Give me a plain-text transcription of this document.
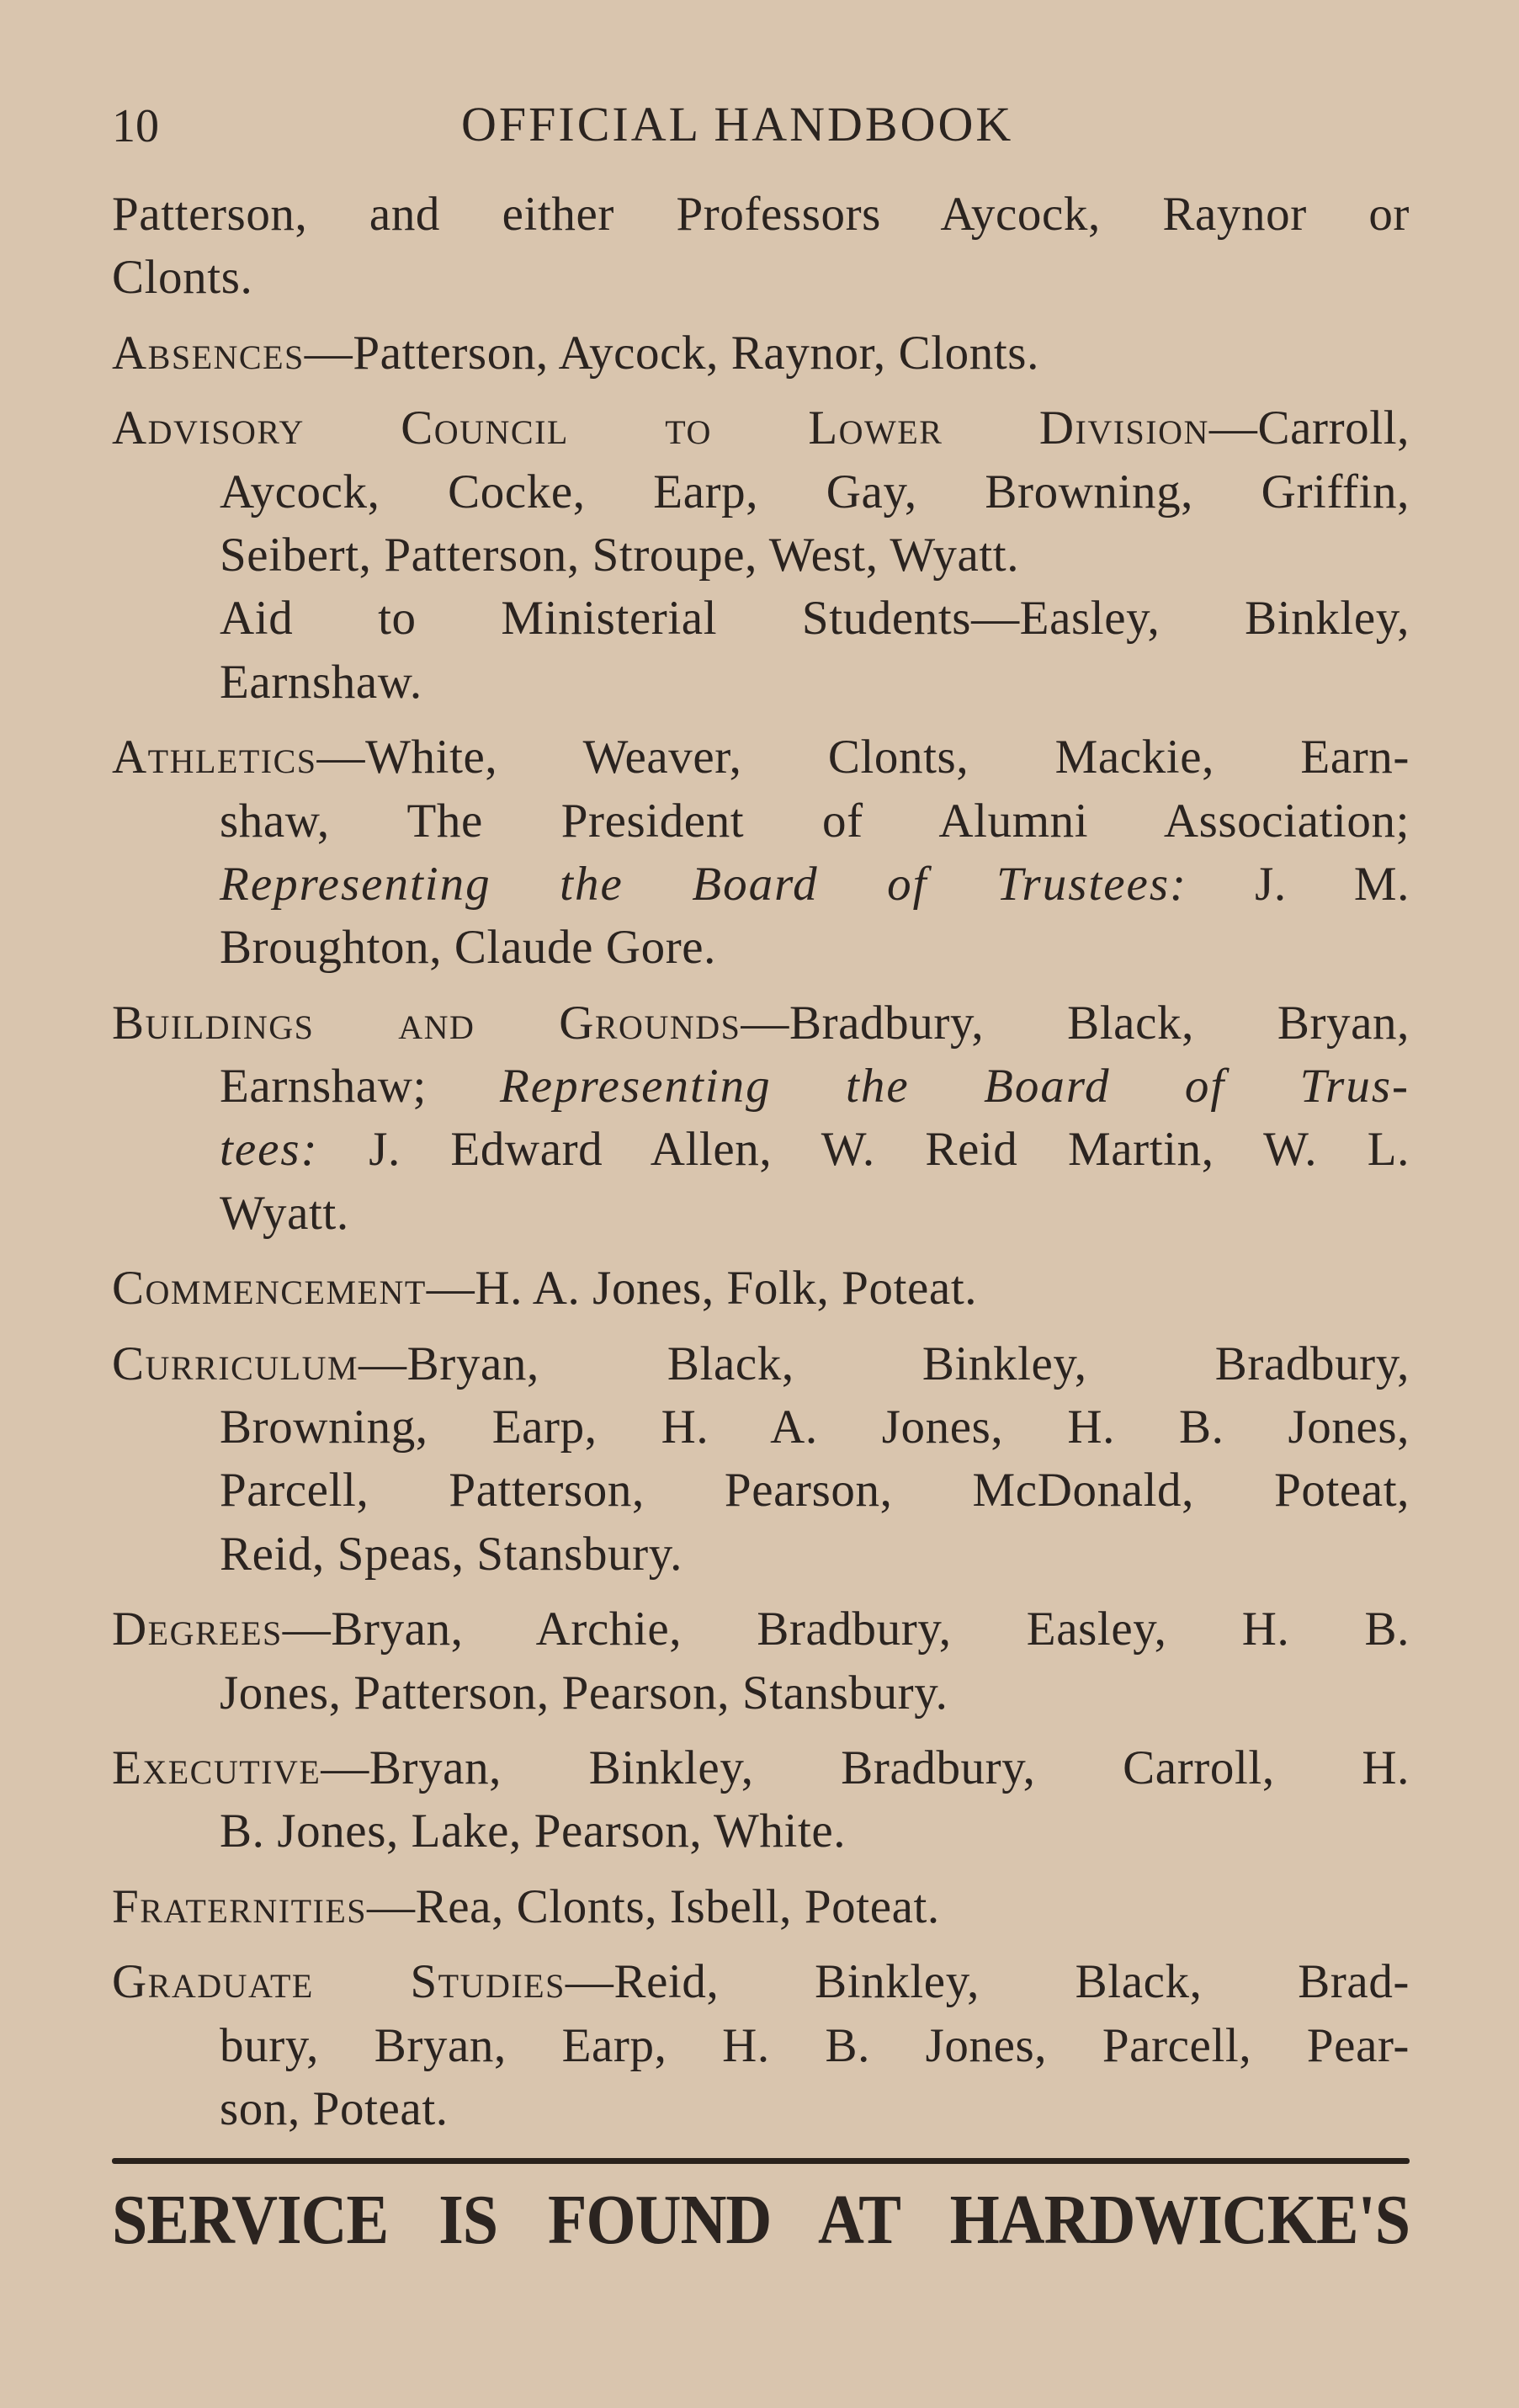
10	OFFICIAL HANDBOOK
Patterson, and either Professors Aycock, Raynor or
Clonts.
Absences—Patterson, Aycock, Raynor, Clonts.
Advisory Council to Lower Division—Carroll,
Aycock, Cocke, Earp, Gay, Browning, Griffin,
Seibert, Patterson, Stroupe, West, Wyatt.
Aid to Ministerial Students—Easley, Binkley,
Earnshaw.
Athletics—White, Weaver, Clonts, Mackie, Earn-
shaw, The President of Alumni Association;
Representing the Board of Trustees: J. M.
Broughton, Claude Gore.
Buildings and Grounds—Bradbury, Black, Bryan,
Earnshaw; Representing the Board of Trus-
tees: J. Edward Allen, W. Reid Martin, W. L.
Wyatt.
Commencement—H. A. Jones, Folk, Poteat.
Curriculum—Bryan, Black, Binkley, Bradbury,
Browning, Earp, H. A. Jones, H. B. Jones,
Parcell, Patterson, Pearson, McDonald, Poteat,
Reid, Speas, Stansbury.
Degrees—Bryan, Archie, Bradbury, Easley, H. B.
Jones, Patterson, Pearson, Stansbury.
Executive—Bryan, Binkley, Bradbury, Carroll, H.
B. Jones, Lake, Pearson, White.
Fraternities—Rea, Clonts, Isbell, Poteat.
Graduate Studies—Reid, Binkley, Black, Brad-
bury, Bryan, Earp, H. B. Jones, Parcell, Pear-
son, Poteat.
SERVICE IS FOUND AT HARDWICKE'S
